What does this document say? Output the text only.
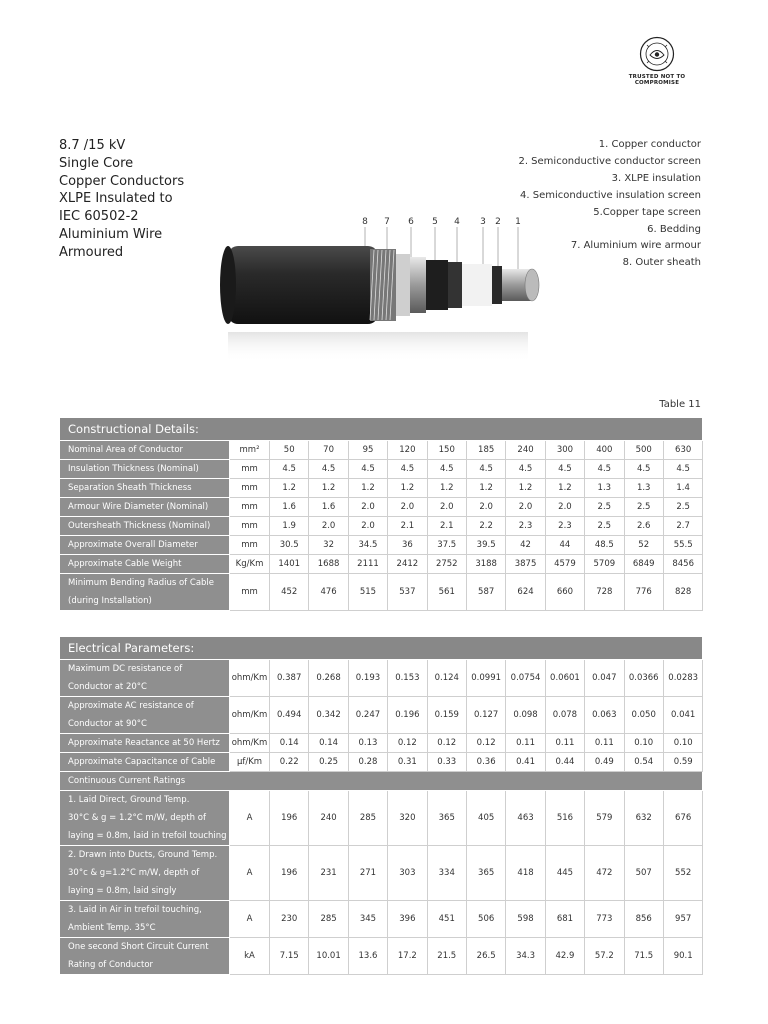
TRUSTED NOT TO COMPROMISE
8.7 /15 kV
Single Core
Copper Conductors
XLPE Insulated to
IEC 60502-2
Aluminium Wire
Armoured
1. Copper conductor
2. Semiconductive conductor screen
3. XLPE insulation
4. Semiconductive insulation screen
5.Copper tape screen
6. Bedding
7. Aluminium wire armour
8. Outer sheath
8 7 6 5 4 3 2 1
Table 11
Constructional Details:												

Nominal Area of Conductor	mm²	50	70	95	120	150	185	240	300	400	500	630

Insulation Thickness (Nominal)	mm	4.5	4.5	4.5	4.5	4.5	4.5	4.5	4.5	4.5	4.5	4.5

Separation Sheath Thickness	mm	1.2	1.2	1.2	1.2	1.2	1.2	1.2	1.2	1.3	1.3	1.4

Armour Wire Diameter (Nominal)	mm	1.6	1.6	2.0	2.0	2.0	2.0	2.0	2.0	2.5	2.5	2.5

Outersheath Thickness (Nominal)	mm	1.9	2.0	2.0	2.1	2.1	2.2	2.3	2.3	2.5	2.6	2.7

Approximate Overall Diameter	mm	30.5	32	34.5	36	37.5	39.5	42	44	48.5	52	55.5

Approximate Cable Weight	Kg/Km	1401	1688	2111	2412	2752	3188	3875	4579	5709	6849	8456

Minimum Bending Radius of Cable
(during Installation)	mm	452	476	515	537	561	587	624	660	728	776	828
Electrical Parameters:												

Maximum DC resistance of
Conductor at 20°C	ohm/Km	0.387	0.268	0.193	0.153	0.124	0.0991	0.0754	0.0601	0.047	0.0366	0.0283

Approximate AC resistance of
Conductor at 90°C	ohm/Km	0.494	0.342	0.247	0.196	0.159	0.127	0.098	0.078	0.063	0.050	0.041

Approximate Reactance at 50 Hertz	ohm/Km	0.14	0.14	0.13	0.12	0.12	0.12	0.11	0.11	0.11	0.10	0.10

Approximate Capacitance of Cable	µf/Km	0.22	0.25	0.28	0.31	0.33	0.36	0.41	0.44	0.49	0.54	0.59

Continuous Current Ratings												

1. Laid Direct, Ground Temp.
30°C & g = 1.2°C m/W, depth of
laying = 0.8m, laid in trefoil touching	A	196	240	285	320	365	405	463	516	579	632	676

2. Drawn into Ducts, Ground Temp.
30°c & g=1.2°C m/W, depth of
laying = 0.8m, laid singly	A	196	231	271	303	334	365	418	445	472	507	552

3. Laid in Air in trefoil touching,
Ambient Temp. 35°C	A	230	285	345	396	451	506	598	681	773	856	957

One second Short Circuit Current
Rating of Conductor	kA	7.15	10.01	13.6	17.2	21.5	26.5	34.3	42.9	57.2	71.5	90.1
